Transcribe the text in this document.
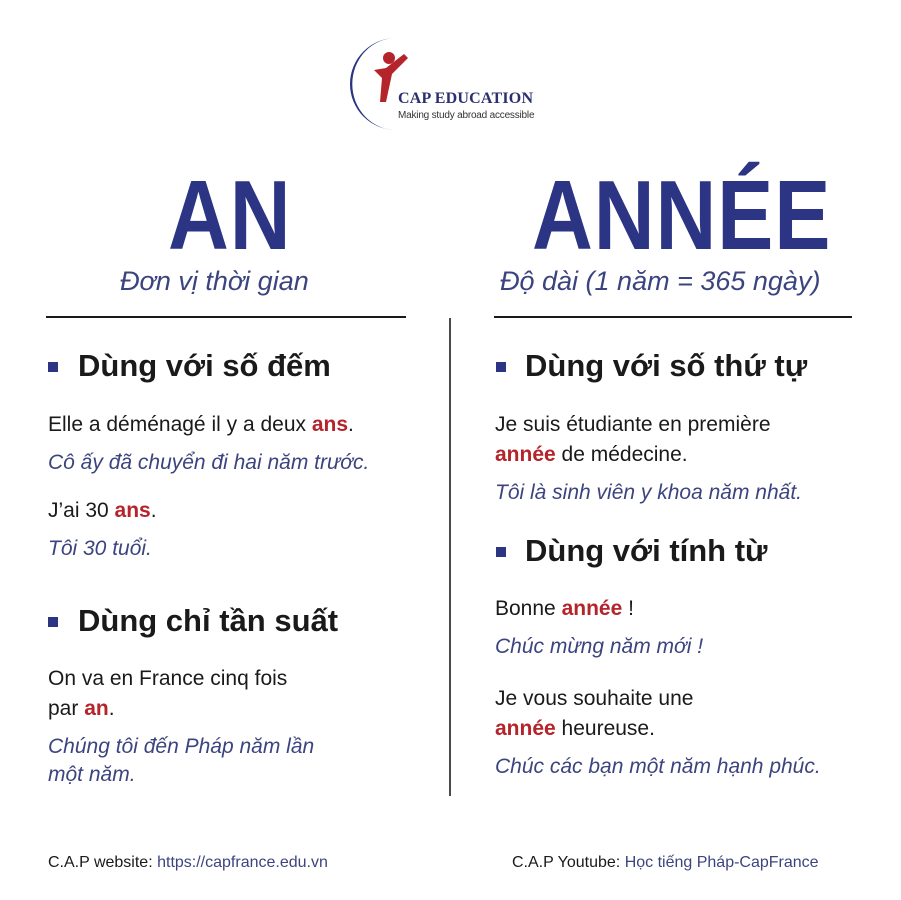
CAP EDUCATION
Making study abroad accessible
AN
Đơn vị thời gian
Dùng với số đếm
Elle a déménagé il y a deux ans.
Cô ấy đã chuyển đi hai năm trước.
J’ai 30 ans.
Tôi 30 tuổi.
Dùng chỉ tần suất
On va en France cinq fois
par an.
Chúng tôi đến Pháp năm lần
một năm.
ANNÉE
Độ dài (1 năm = 365 ngày)
Dùng với số thứ tự
Je suis étudiante en première
année de médecine.
Tôi là sinh viên y khoa năm nhất.
Dùng với tính từ
Bonne année !
Chúc mừng năm mới !
Je vous souhaite une
année heureuse.
Chúc các bạn một năm hạnh phúc.
C.A.P website: https://capfrance.edu.vn	C.A.P Youtube: Học tiếng Pháp-CapFrance
